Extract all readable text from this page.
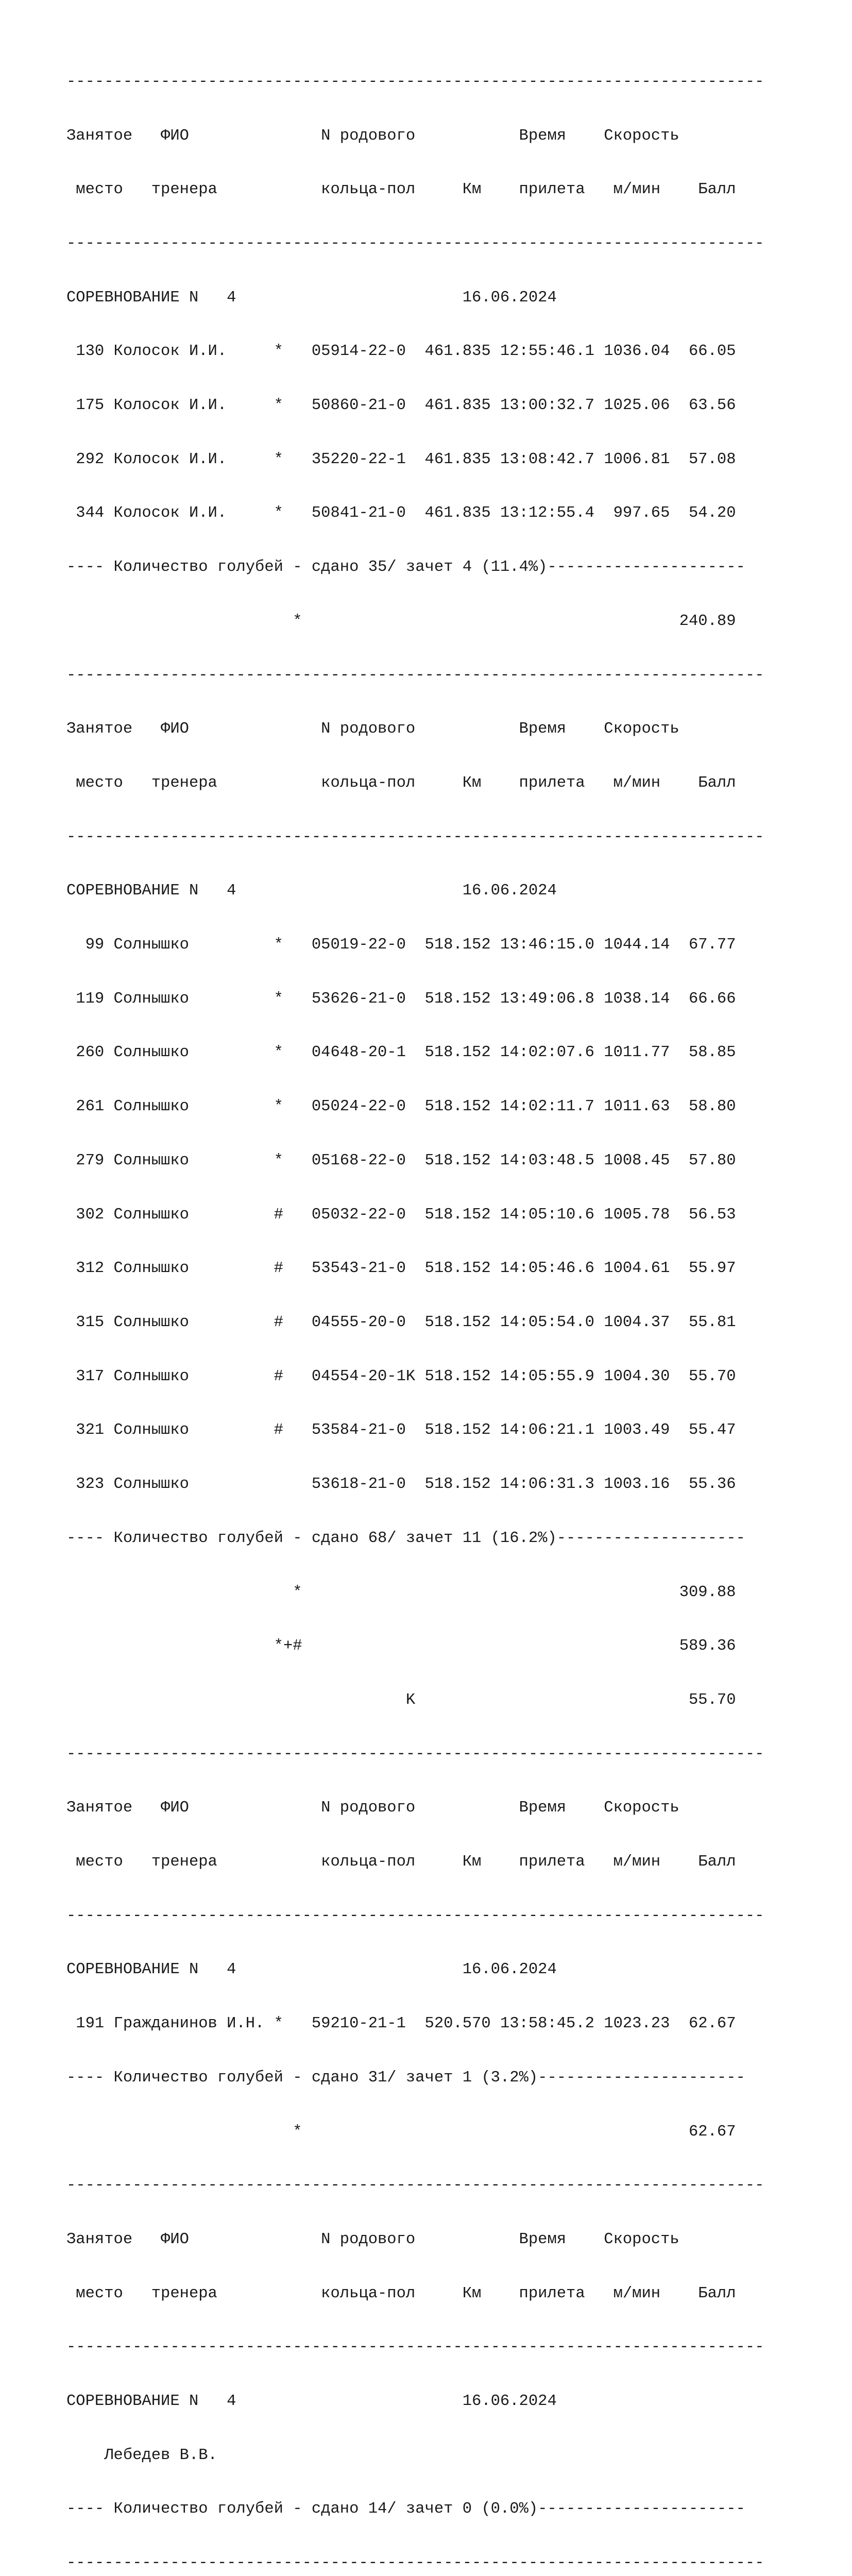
--------------------------------------------------------------------------

Занятое   ФИО              N родового           Время    Скорость

место   тренера           кольца-пол     Км    прилета   м/мин    Балл

--------------------------------------------------------------------------

СОРЕВНОВАНИЕ N   4                        16.06.2024

130 Колосок И.И.     *   05914-22-0  461.835 12:55:46.1 1036.04  66.05

175 Колосок И.И.     *   50860-21-0  461.835 13:00:32.7 1025.06  63.56

292 Колосок И.И.     *   35220-22-1  461.835 13:08:42.7 1006.81  57.08

344 Колосок И.И.     *   50841-21-0  461.835 13:12:55.4  997.65  54.20

---- Количество голубей - сдано 35/ зачет 4 (11.4%)---------------------

*                                        240.89

--------------------------------------------------------------------------

Занятое   ФИО              N родового           Время    Скорость

место   тренера           кольца-пол     Км    прилета   м/мин    Балл

--------------------------------------------------------------------------

СОРЕВНОВАНИЕ N   4                        16.06.2024

99 Солнышко         *   05019-22-0  518.152 13:46:15.0 1044.14  67.77

119 Солнышко         *   53626-21-0  518.152 13:49:06.8 1038.14  66.66

260 Солнышко         *   04648-20-1  518.152 14:02:07.6 1011.77  58.85

261 Солнышко         *   05024-22-0  518.152 14:02:11.7 1011.63  58.80

279 Солнышко         *   05168-22-0  518.152 14:03:48.5 1008.45  57.80

302 Солнышко         #   05032-22-0  518.152 14:05:10.6 1005.78  56.53

312 Солнышко         #   53543-21-0  518.152 14:05:46.6 1004.61  55.97

315 Солнышко         #   04555-20-0  518.152 14:05:54.0 1004.37  55.81

317 Солнышко         #   04554-20-1K 518.152 14:05:55.9 1004.30  55.70

321 Солнышко         #   53584-21-0  518.152 14:06:21.1 1003.49  55.47

323 Солнышко             53618-21-0  518.152 14:06:31.3 1003.16  55.36

---- Количество голубей - сдано 68/ зачет 11 (16.2%)--------------------

*                                        309.88

*+#                                        589.36

K                             55.70

--------------------------------------------------------------------------

Занятое   ФИО              N родового           Время    Скорость

место   тренера           кольца-пол     Км    прилета   м/мин    Балл

--------------------------------------------------------------------------

СОРЕВНОВАНИЕ N   4                        16.06.2024

191 Гражданинов И.Н. *   59210-21-1  520.570 13:58:45.2 1023.23  62.67

---- Количество голубей - сдано 31/ зачет 1 (3.2%)----------------------

*                                         62.67

--------------------------------------------------------------------------

Занятое   ФИО              N родового           Время    Скорость

место   тренера           кольца-пол     Км    прилета   м/мин    Балл

--------------------------------------------------------------------------

СОРЕВНОВАНИЕ N   4                        16.06.2024

Лебедев В.В.

---- Количество голубей - сдано 14/ зачет 0 (0.0%)----------------------

--------------------------------------------------------------------------
